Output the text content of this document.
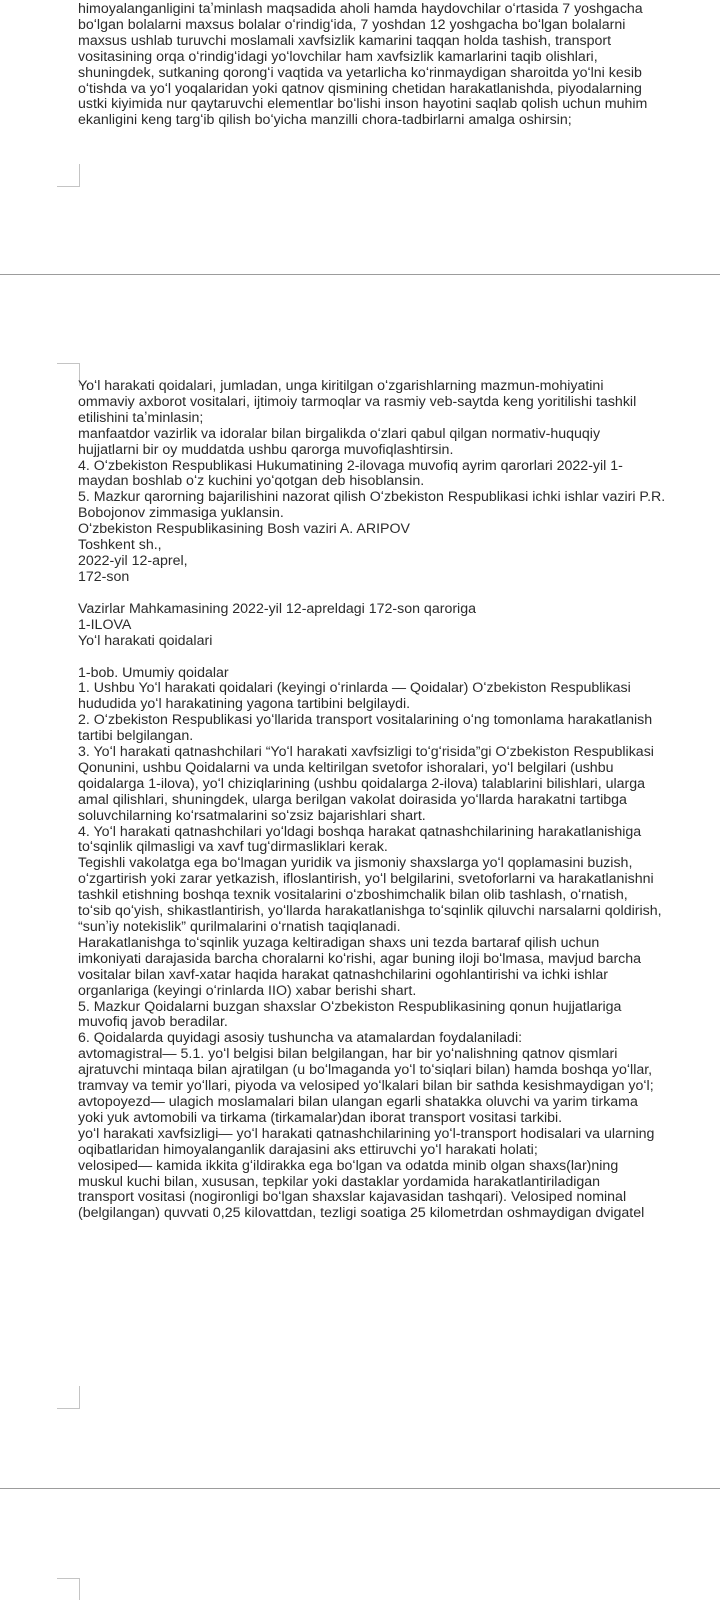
himoyalanganligini taʼminlash maqsadida aholi hamda haydovchilar oʻrtasida 7 yoshgacha
boʻlgan bolalarni maxsus bolalar oʻrindigʻida, 7 yoshdan 12 yoshgacha boʻlgan bolalarni
maxsus ushlab turuvchi moslamali xavfsizlik kamarini taqqan holda tashish, transport
vositasining orqa oʻrindigʻidagi yoʻlovchilar ham xavfsizlik kamarlarini taqib olishlari,
shuningdek, sutkaning qorongʻi vaqtida va yetarlicha koʻrinmaydigan sharoitda yoʻlni kesib
oʻtishda va yoʻl yoqalaridan yoki qatnov qismining chetidan harakatlanishda, piyodalarning
ustki kiyimida nur qaytaruvchi elementlar boʻlishi inson hayotini saqlab qolish uchun muhim
ekanligini keng targʻib qilish boʻyicha manzilli chora-tadbirlarni amalga oshirsin;
Yoʻl harakati qoidalari, jumladan, unga kiritilgan oʻzgarishlarning mazmun-mohiyatini
ommaviy axborot vositalari, ijtimoiy tarmoqlar va rasmiy veb-saytda keng yoritilishi tashkil
etilishini taʼminlasin;
manfaatdor vazirlik va idoralar bilan birgalikda oʻzlari qabul qilgan normativ-huquqiy
hujjatlarni bir oy muddatda ushbu qarorga muvofiqlashtirsin.
4. Oʻzbekiston Respublikasi Hukumatining 2-ilovaga muvofiq ayrim qarorlari 2022-yil 1-
maydan boshlab oʻz kuchini yoʻqotgan deb hisoblansin.
5. Mazkur qarorning bajarilishini nazorat qilish Oʻzbekiston Respublikasi ichki ishlar vaziri P.R.
Bobojonov zimmasiga yuklansin.
Oʻzbekiston Respublikasining Bosh vaziri A. ARIPOV
Toshkent sh.,
2022-yil 12-aprel,
172-son
Vazirlar Mahkamasining 2022-yil 12-apreldagi 172-son qaroriga
1-ILOVA
Yoʻl harakati qoidalari
1-bob. Umumiy qoidalar
1. Ushbu Yoʻl harakati qoidalari (keyingi oʻrinlarda — Qoidalar) Oʻzbekiston Respublikasi
hududida yoʻl harakatining yagona tartibini belgilaydi.
2. Oʻzbekiston Respublikasi yoʻllarida transport vositalarining oʻng tomonlama harakatlanish
tartibi belgilangan.
3. Yoʻl harakati qatnashchilari “Yoʻl harakati xavfsizligi toʻgʻrisida”gi Oʻzbekiston Respublikasi
Qonunini, ushbu Qoidalarni va unda keltirilgan svetofor ishoralari, yoʻl belgilari (ushbu
qoidalarga 1-ilova), yoʻl chiziqlarining (ushbu qoidalarga 2-ilova) talablarini bilishlari, ularga
amal qilishlari, shuningdek, ularga berilgan vakolat doirasida yoʻllarda harakatni tartibga
soluvchilarning koʻrsatmalarini soʻzsiz bajarishlari shart.
4. Yoʻl harakati qatnashchilari yoʻldagi boshqa harakat qatnashchilarining harakatlanishiga
toʻsqinlik qilmasligi va xavf tugʻdirmasliklari kerak.
Tegishli vakolatga ega boʻlmagan yuridik va jismoniy shaxslarga yoʻl qoplamasini buzish,
oʻzgartirish yoki zarar yetkazish, ifloslantirish, yoʻl belgilarini, svetoforlarni va harakatlanishni
tashkil etishning boshqa texnik vositalarini oʻzboshimchalik bilan olib tashlash, oʻrnatish,
toʻsib qoʻyish, shikastlantirish, yoʻllarda harakatlanishga toʻsqinlik qiluvchi narsalarni qoldirish,
“sunʼiy notekislik” qurilmalarini oʻrnatish taqiqlanadi.
Harakatlanishga toʻsqinlik yuzaga keltiradigan shaxs uni tezda bartaraf qilish uchun
imkoniyati darajasida barcha choralarni koʻrishi, agar buning iloji boʻlmasa, mavjud barcha
vositalar bilan xavf-xatar haqida harakat qatnashchilarini ogohlantirishi va ichki ishlar
organlariga (keyingi oʻrinlarda IIO) xabar berishi shart.
5. Mazkur Qoidalarni buzgan shaxslar Oʻzbekiston Respublikasining qonun hujjatlariga
muvofiq javob beradilar.
6. Qoidalarda quyidagi asosiy tushuncha va atamalardan foydalaniladi:
avtomagistral— 5.1. yoʻl belgisi bilan belgilangan, har bir yoʻnalishning qatnov qismlari
ajratuvchi mintaqa bilan ajratilgan (u boʻlmaganda yoʻl toʻsiqlari bilan) hamda boshqa yoʻllar,
tramvay va temir yoʻllari, piyoda va velosiped yoʻlkalari bilan bir sathda kesishmaydigan yoʻl;
avtopoyezd— ulagich moslamalari bilan ulangan egarli shatakka oluvchi va yarim tirkama
yoki yuk avtomobili va tirkama (tirkamalar)dan iborat transport vositasi tarkibi.
yoʻl harakati xavfsizligi— yoʻl harakati qatnashchilarining yoʻl-transport hodisalari va ularning
oqibatlaridan himoyalanganlik darajasini aks ettiruvchi yoʻl harakati holati;
velosiped— kamida ikkita gʻildirakka ega boʻlgan va odatda minib olgan shaxs(lar)ning
muskul kuchi bilan, xususan, tepkilar yoki dastaklar yordamida harakatlantiriladigan
transport vositasi (nogironligi boʻlgan shaxslar kajavasidan tashqari). Velosiped nominal
(belgilangan) quvvati 0,25 kilovattdan, tezligi soatiga 25 kilometrdan oshmaydigan dvigatel
